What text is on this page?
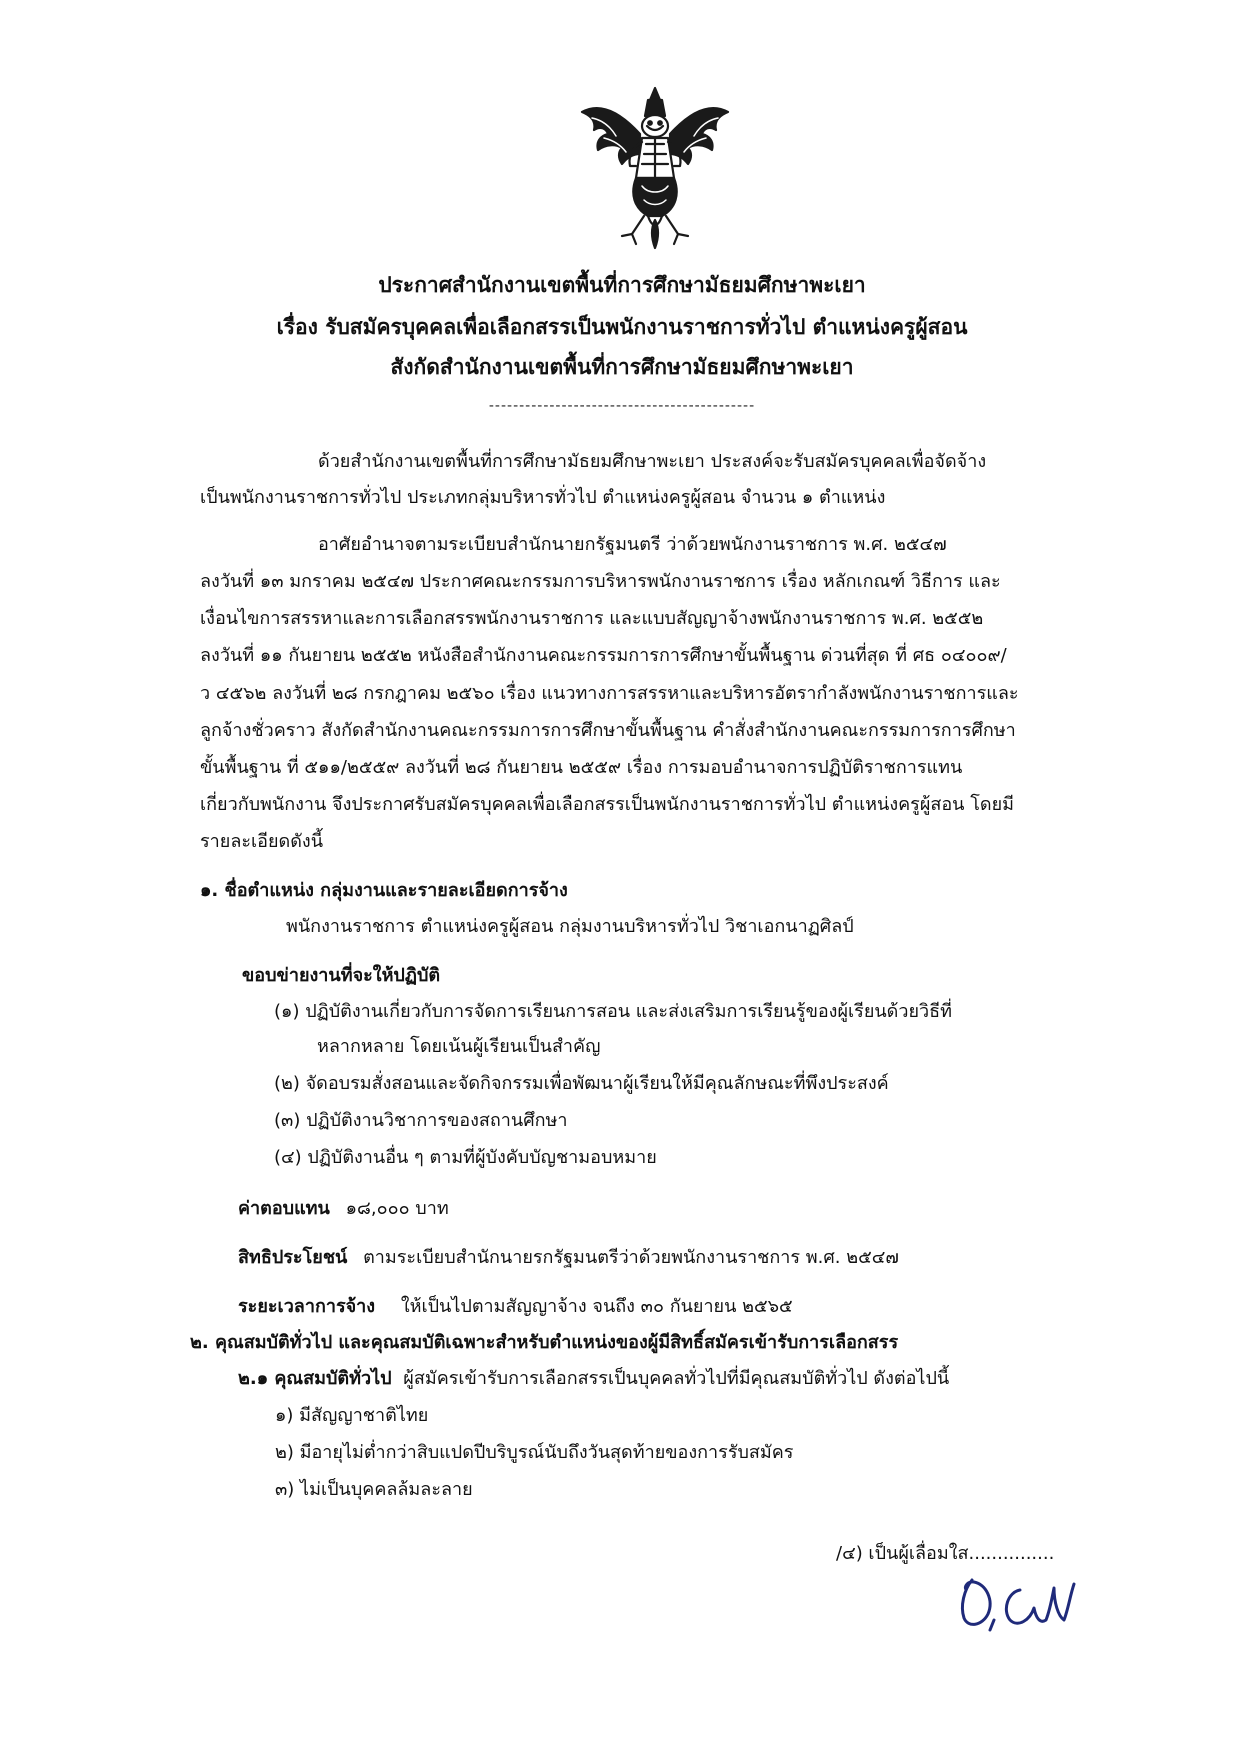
ประกาศสำนักงานเขตพื้นที่การศึกษามัธยมศึกษาพะเยา
เรื่อง รับสมัครบุคคลเพื่อเลือกสรรเป็นพนักงานราชการทั่วไป ตำแหน่งครูผู้สอน
สังกัดสำนักงานเขตพื้นที่การศึกษามัธยมศึกษาพะเยา
--------------------------------------------
ด้วยสำนักงานเขตพื้นที่การศึกษามัธยมศึกษาพะเยา ประสงค์จะรับสมัครบุคคลเพื่อจัดจ้าง
เป็นพนักงานราชการทั่วไป ประเภทกลุ่มบริหารทั่วไป ตำแหน่งครูผู้สอน จำนวน ๑ ตำแหน่ง
อาศัยอำนาจตามระเบียบสำนักนายกรัฐมนตรี ว่าด้วยพนักงานราชการ พ.ศ. ๒๕๔๗
ลงวันที่ ๑๓ มกราคม ๒๕๔๗ ประกาศคณะกรรมการบริหารพนักงานราชการ เรื่อง หลักเกณฑ์ วิธีการ และ
เงื่อนไขการสรรหาและการเลือกสรรพนักงานราชการ และแบบสัญญาจ้างพนักงานราชการ พ.ศ. ๒๕๕๒
ลงวันที่ ๑๑ กันยายน ๒๕๕๒ หนังสือสำนักงานคณะกรรมการการศึกษาขั้นพื้นฐาน ด่วนที่สุด ที่ ศธ ๐๔๐๐๙/
ว ๔๕๖๒ ลงวันที่ ๒๘ กรกฎาคม ๒๕๖๐ เรื่อง แนวทางการสรรหาและบริหารอัตรากำลังพนักงานราชการและ
ลูกจ้างชั่วคราว สังกัดสำนักงานคณะกรรมการการศึกษาขั้นพื้นฐาน คำสั่งสำนักงานคณะกรรมการการศึกษา
ขั้นพื้นฐาน ที่ ๕๑๑/๒๕๕๙ ลงวันที่ ๒๘ กันยายน ๒๕๕๙ เรื่อง การมอบอำนาจการปฏิบัติราชการแทน
เกี่ยวกับพนักงาน จึงประกาศรับสมัครบุคคลเพื่อเลือกสรรเป็นพนักงานราชการทั่วไป ตำแหน่งครูผู้สอน โดยมี
รายละเอียดดังนี้
๑. ชื่อตำแหน่ง กลุ่มงานและรายละเอียดการจ้าง
พนักงานราชการ ตำแหน่งครูผู้สอน กลุ่มงานบริหารทั่วไป วิชาเอกนาฏศิลป์
ขอบข่ายงานที่จะให้ปฏิบัติ
(๑) ปฏิบัติงานเกี่ยวกับการจัดการเรียนการสอน และส่งเสริมการเรียนรู้ของผู้เรียนด้วยวิธีที่
หลากหลาย โดยเน้นผู้เรียนเป็นสำคัญ
(๒) จัดอบรมสั่งสอนและจัดกิจกรรมเพื่อพัฒนาผู้เรียนให้มีคุณลักษณะที่พึงประสงค์
(๓) ปฏิบัติงานวิชาการของสถานศึกษา
(๔) ปฏิบัติงานอื่น ๆ ตามที่ผู้บังคับบัญชามอบหมาย
ค่าตอบแทน ๑๘,๐๐๐ บาท
สิทธิประโยชน์ ตามระเบียบสำนักนายรกรัฐมนตรีว่าด้วยพนักงานราชการ พ.ศ. ๒๕๔๗
ระยะเวลาการจ้าง ให้เป็นไปตามสัญญาจ้าง จนถึง ๓๐ กันยายน ๒๕๖๕
๒. คุณสมบัติทั่วไป และคุณสมบัติเฉพาะสำหรับตำแหน่งของผู้มีสิทธิ์สมัครเข้ารับการเลือกสรร
๒.๑ คุณสมบัติทั่วไป ผู้สมัครเข้ารับการเลือกสรรเป็นบุคคลทั่วไปที่มีคุณสมบัติทั่วไป ดังต่อไปนี้
๑) มีสัญญาชาติไทย
๒) มีอายุไม่ต่ำกว่าสิบแปดปีบริบูรณ์นับถึงวันสุดท้ายของการรับสมัคร
๓) ไม่เป็นบุคคลล้มละลาย
/๔) เป็นผู้เลื่อมใส...............
